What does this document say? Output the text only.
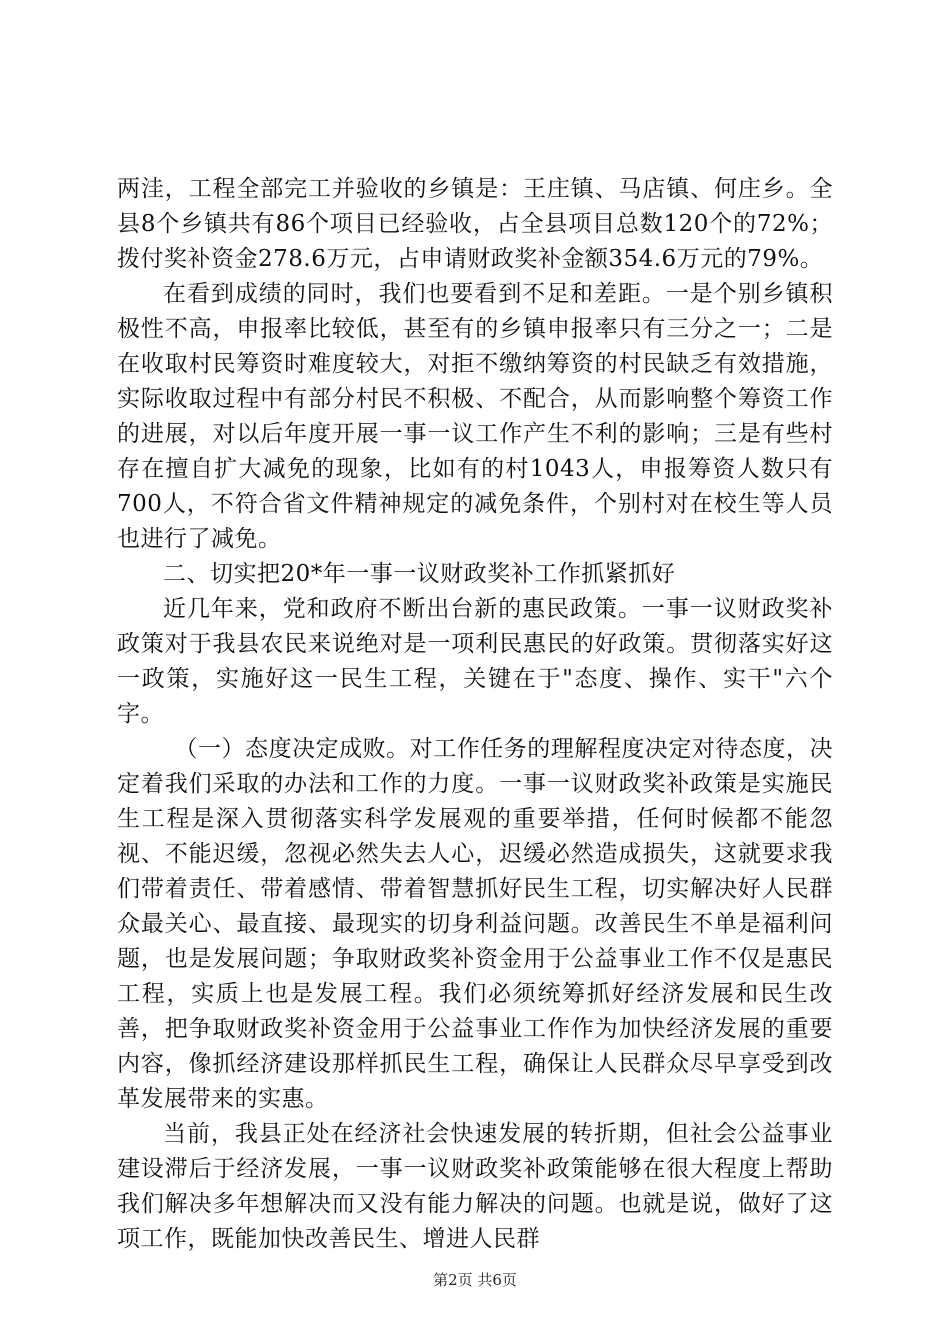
两洼，工程全部完工并验收的乡镇是：王庄镇、马店镇、何庄乡。全县8个乡镇共有86个项目已经验收，占全县项目总数120个的72%；拨付奖补资金278.6万元，占申请财政奖补金额354.6万元的79%。

在看到成绩的同时，我们也要看到不足和差距。一是个别乡镇积极性不高，申报率比较低，甚至有的乡镇申报率只有三分之一；二是在收取村民筹资时难度较大，对拒不缴纳筹资的村民缺乏有效措施，实际收取过程中有部分村民不积极、不配合，从而影响整个筹资工作的进展，对以后年度开展一事一议工作产生不利的影响；三是有些村存在擅自扩大减免的现象，比如有的村1043人，申报筹资人数只有700人，不符合省文件精神规定的减免条件，个别村对在校生等人员也进行了减免。

二、切实把20*年一事一议财政奖补工作抓紧抓好

近几年来，党和政府不断出台新的惠民政策。一事一议财政奖补政策对于我县农民来说绝对是一项利民惠民的好政策。贯彻落实好这一政策，实施好这一民生工程，关键在于"态度、操作、实干"六个字。

（一）态度决定成败。对工作任务的理解程度决定对待态度，决定着我们采取的办法和工作的力度。一事一议财政奖补政策是实施民生工程是深入贯彻落实科学发展观的重要举措，任何时候都不能忽视、不能迟缓，忽视必然失去人心，迟缓必然造成损失，这就要求我们带着责任、带着感情、带着智慧抓好民生工程，切实解决好人民群众最关心、最直接、最现实的切身利益问题。改善民生不单是福利问题，也是发展问题；争取财政奖补资金用于公益事业工作不仅是惠民工程，实质上也是发展工程。我们必须统筹抓好经济发展和民生改善，把争取财政奖补资金用于公益事业工作作为加快经济发展的重要内容，像抓经济建设那样抓民生工程，确保让人民群众尽早享受到改革发展带来的实惠。

当前，我县正处在经济社会快速发展的转折期，但社会公益事业建设滞后于经济发展，一事一议财政奖补政策能够在很大程度上帮助我们解决多年想解决而又没有能力解决的问题。也就是说，做好了这项工作，既能加快改善民生、增进人民群

第2页 共6页
